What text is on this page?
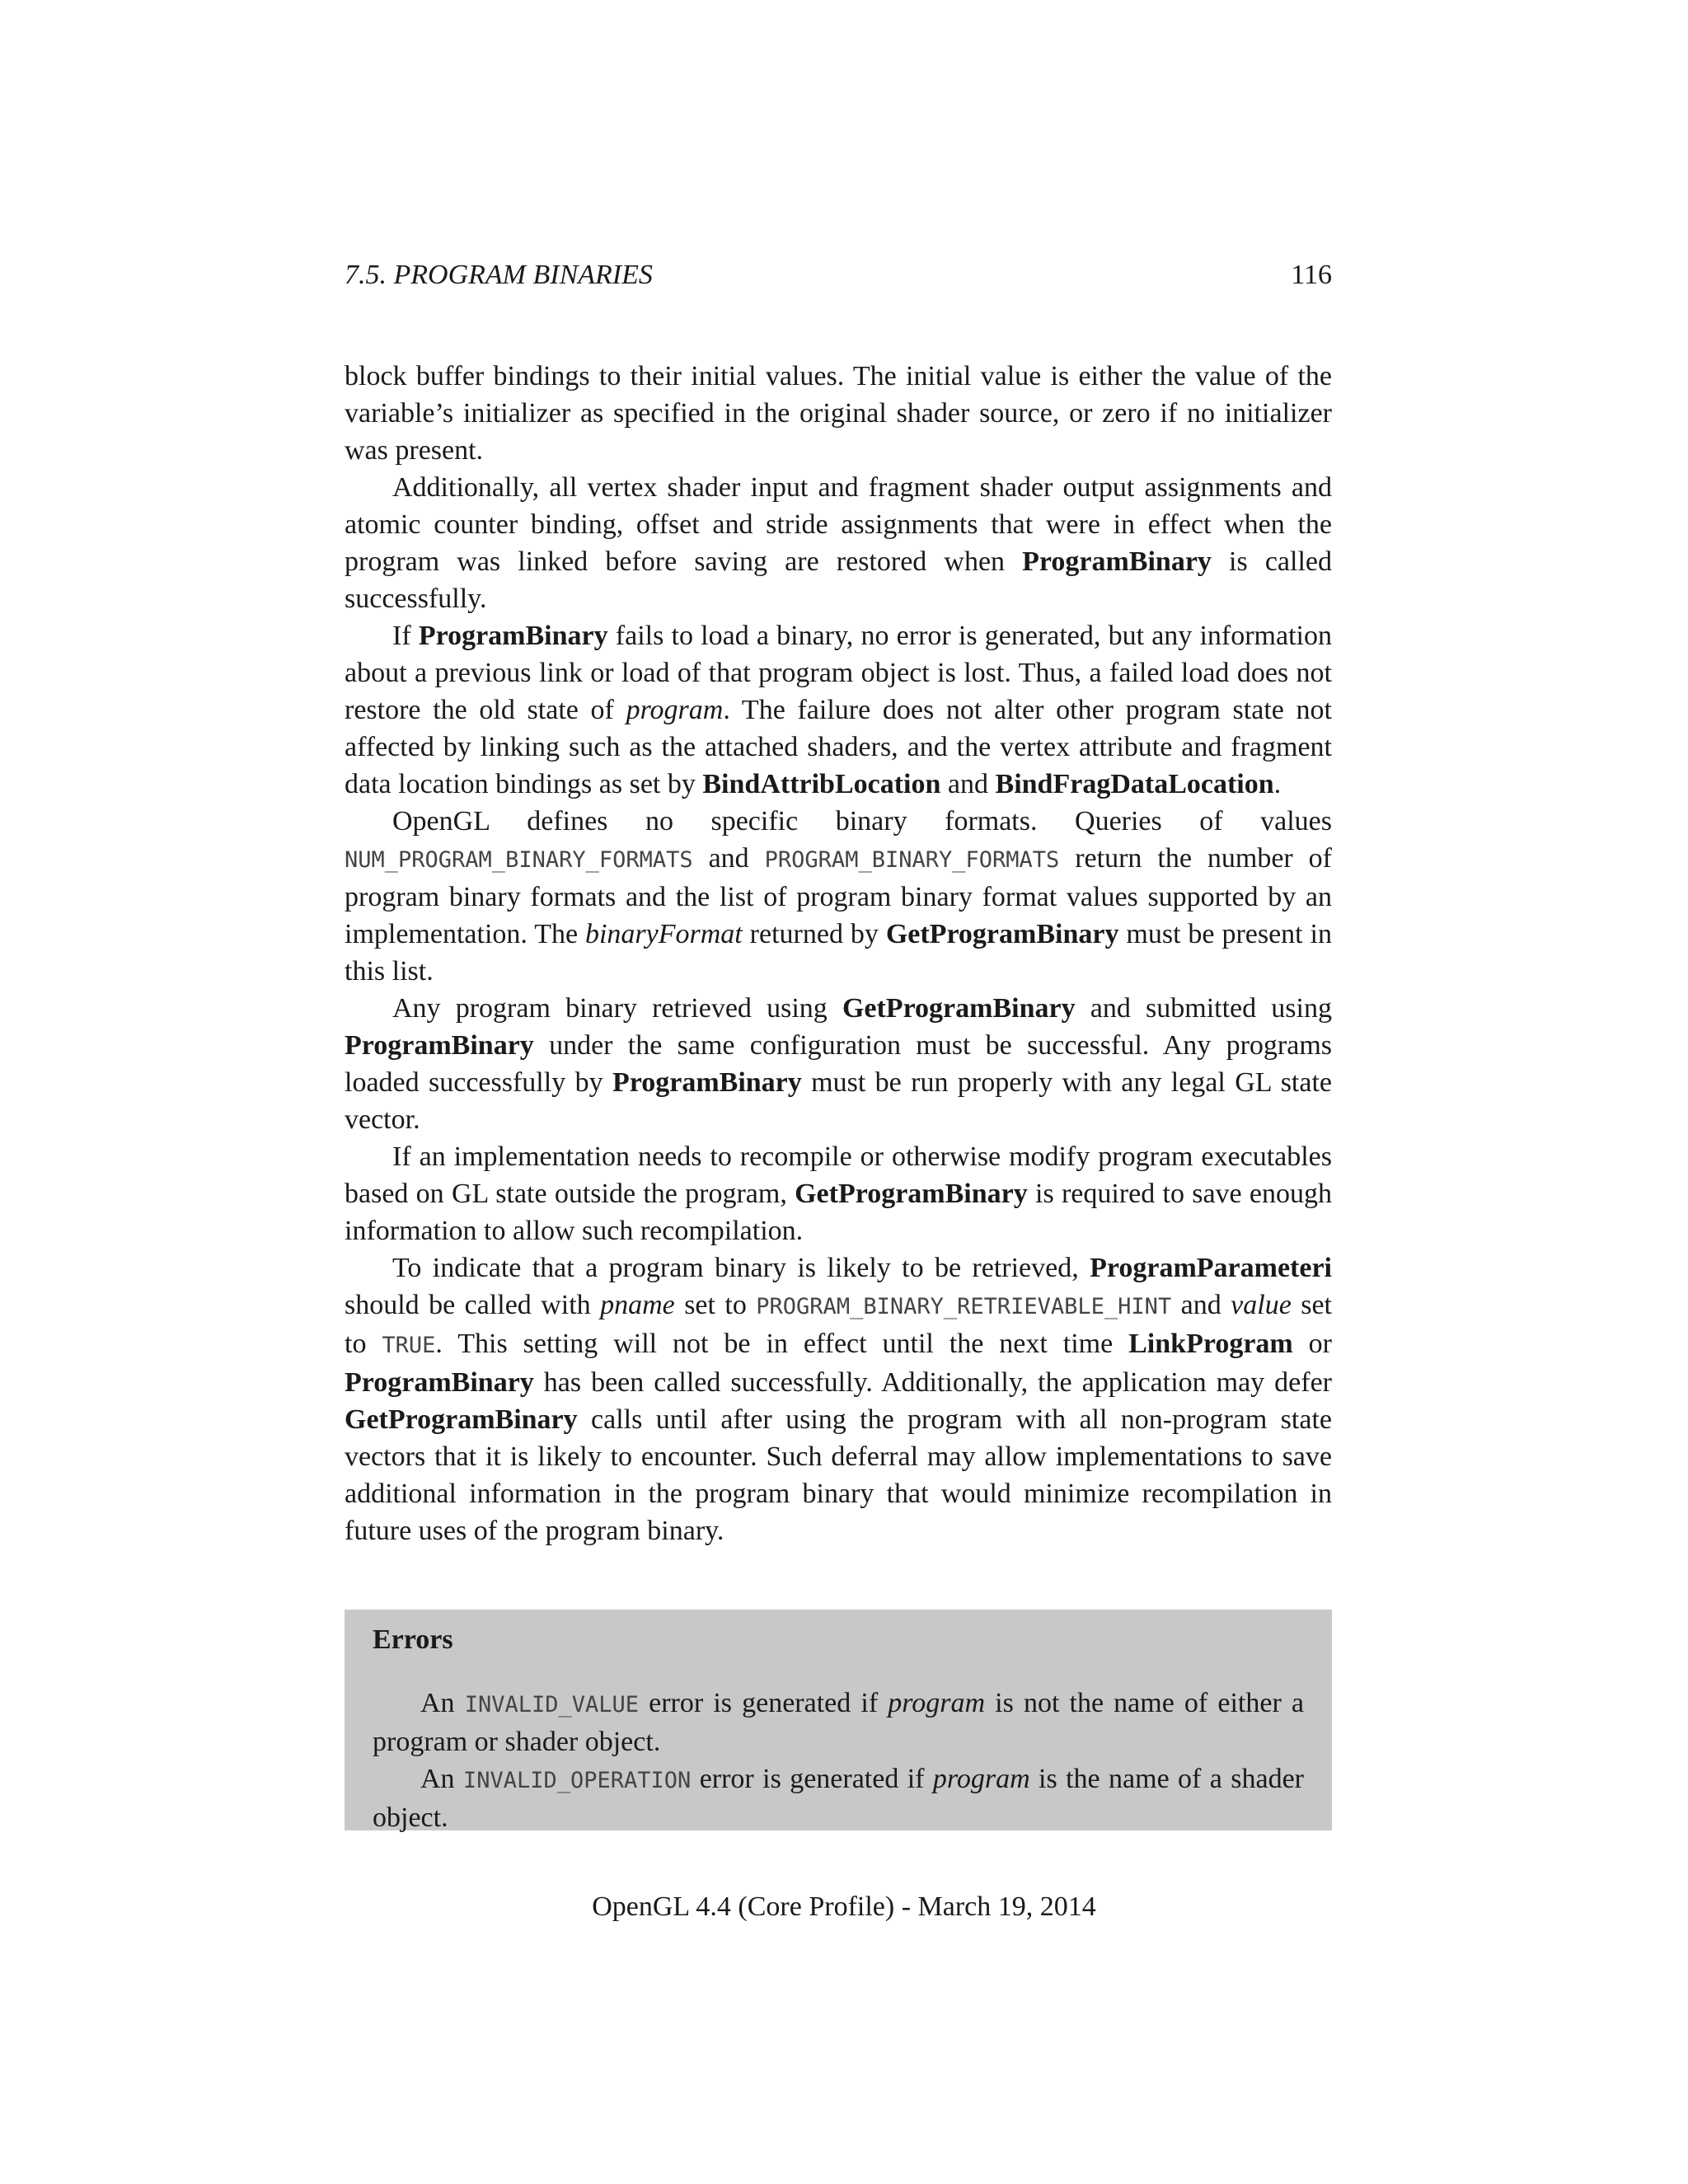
7.5. PROGRAM BINARIES	116

block buffer bindings to their initial values. The initial value is either the value of the variable’s initializer as specified in the original shader source, or zero if no initializer was present.

Additionally, all vertex shader input and fragment shader output assignments and atomic counter binding, offset and stride assignments that were in effect when the program was linked before saving are restored when ProgramBinary is called successfully.

If ProgramBinary fails to load a binary, no error is generated, but any information about a previous link or load of that program object is lost. Thus, a failed load does not restore the old state of program. The failure does not alter other program state not affected by linking such as the attached shaders, and the vertex attribute and fragment data location bindings as set by BindAttribLocation and BindFragDataLocation.

OpenGL defines no specific binary formats. Queries of values NUM_PROGRAM_BINARY_FORMATS and PROGRAM_BINARY_FORMATS return the number of program binary formats and the list of program binary format values supported by an implementation. The binaryFormat returned by GetProgramBinary must be present in this list.

Any program binary retrieved using GetProgramBinary and submitted using ProgramBinary under the same configuration must be successful. Any programs loaded successfully by ProgramBinary must be run properly with any legal GL state vector.

If an implementation needs to recompile or otherwise modify program executables based on GL state outside the program, GetProgramBinary is required to save enough information to allow such recompilation.

To indicate that a program binary is likely to be retrieved, ProgramParameteri should be called with pname set to PROGRAM_BINARY_RETRIEVABLE_HINT and value set to TRUE. This setting will not be in effect until the next time LinkProgram or ProgramBinary has been called successfully. Additionally, the application may defer GetProgramBinary calls until after using the program with all non-program state vectors that it is likely to encounter. Such deferral may allow implementations to save additional information in the program binary that would minimize recompilation in future uses of the program binary.

Errors

An INVALID_VALUE error is generated if program is not the name of either a program or shader object.

An INVALID_OPERATION error is generated if program is the name of a shader object.

OpenGL 4.4 (Core Profile) - March 19, 2014
